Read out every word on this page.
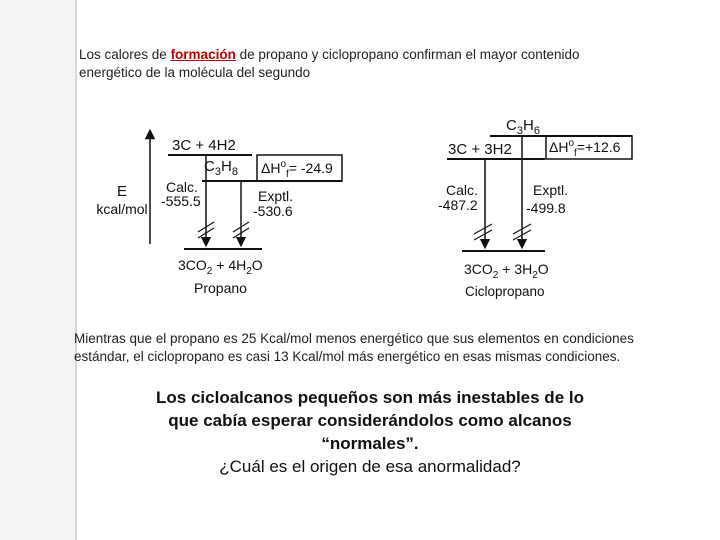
Los calores de formación de propano y ciclopropano confirman el mayor contenido energético de la molécula del segundo
E
kcal/mol
3C + 4H2
$C_3H_8$ $\Delta H^o_f= -24.9$
Calc.
-555.5	Exptl.
-530.6
$3CO_2 + 4H_2O$
Propano
$C_3H_6$
3C + 3H2	$\Delta H^o_f=+12.6$
Calc.
-487.2
Exptl.
-499.8
$3CO_2 + 3H_2O$
Ciclopropano
Mientras que el propano es 25 Kcal/mol menos energético que sus elementos en condiciones estándar, el ciclopropano es casi 13 Kcal/mol más energético en esas mismas condiciones.
Los cicloalcanos pequeños son más inestables de lo que cabía esperar considerándolos como alcanos “normales”.
¿Cuál es el origen de esa anormalidad?
